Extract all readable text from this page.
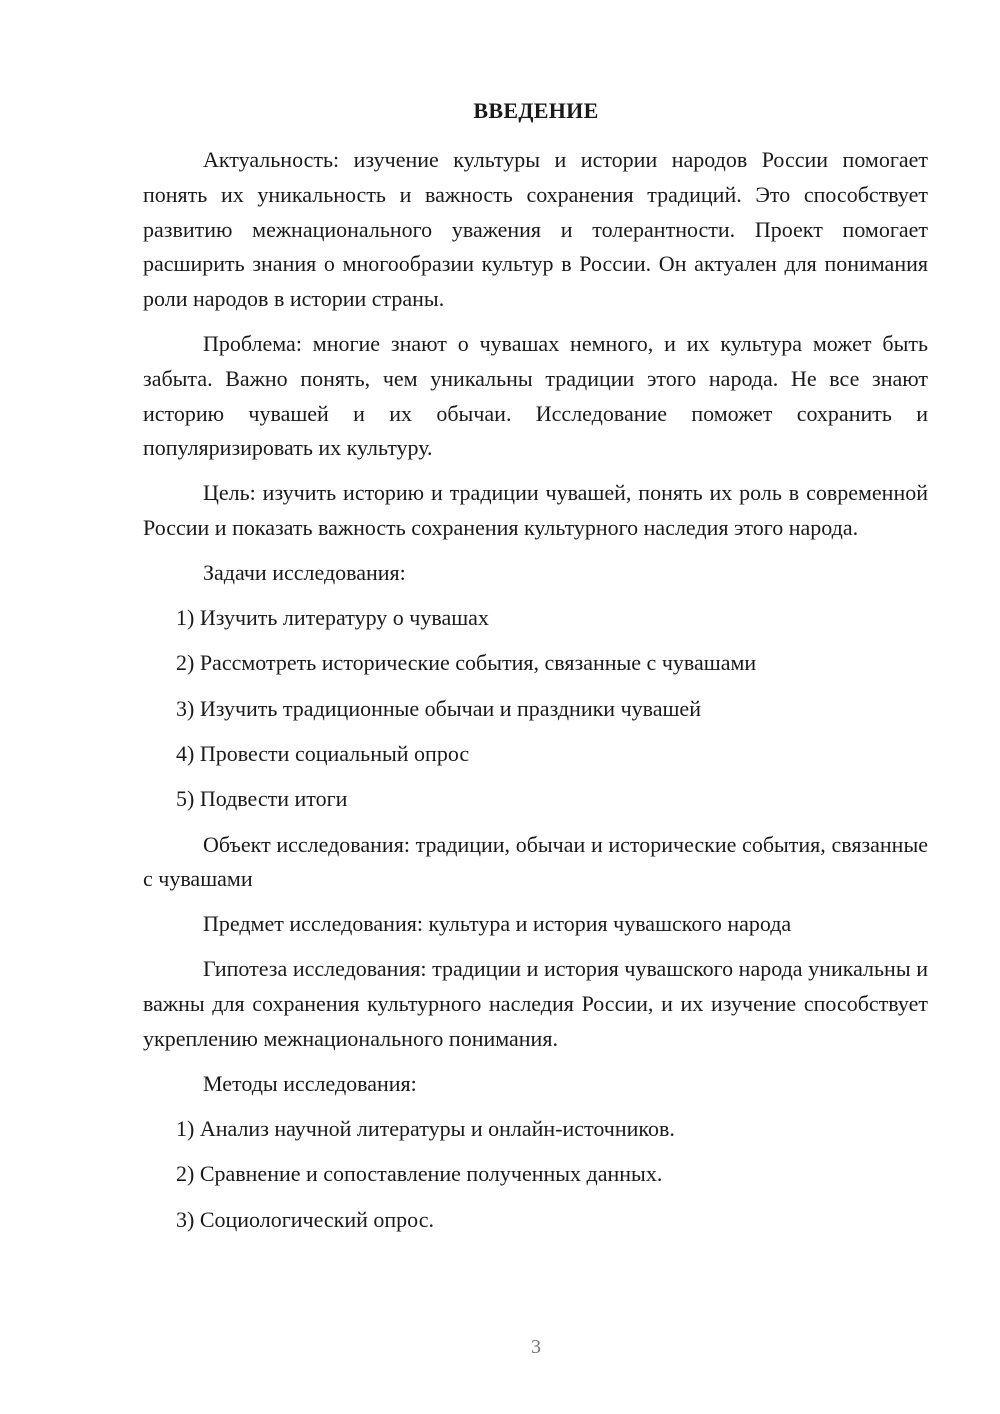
ВВЕДЕНИЕ

Актуальность: изучение культуры и истории народов России помогает понять их уникальность и важность сохранения традиций. Это способствует развитию межнационального уважения и толерантности. Проект помогает расширить знания о многообразии культур в России. Он актуален для понимания роли народов в истории страны.

Проблема: многие знают о чувашах немного, и их культура может быть забыта. Важно понять, чем уникальны традиции этого народа. Не все знают историю чувашей и их обычаи. Исследование поможет сохранить и популяризировать их культуру.

Цель: изучить историю и традиции чувашей, понять их роль в современной России и показать важность сохранения культурного наследия этого народа.

Задачи исследования:

1) Изучить литературу о чувашах

2) Рассмотреть исторические события, связанные с чувашами

3) Изучить традиционные обычаи и праздники чувашей

4) Провести социальный опрос

5) Подвести итоги

Объект исследования: традиции, обычаи и исторические события, связанные с чувашами

Предмет исследования: культура и история чувашского народа

Гипотеза исследования: традиции и история чувашского народа уникальны и важны для сохранения культурного наследия России, и их изучение способствует укреплению межнационального понимания.

Методы исследования:

1) Анализ научной литературы и онлайн-источников.

2) Сравнение и сопоставление полученных данных.

3) Социологический опрос.

3
